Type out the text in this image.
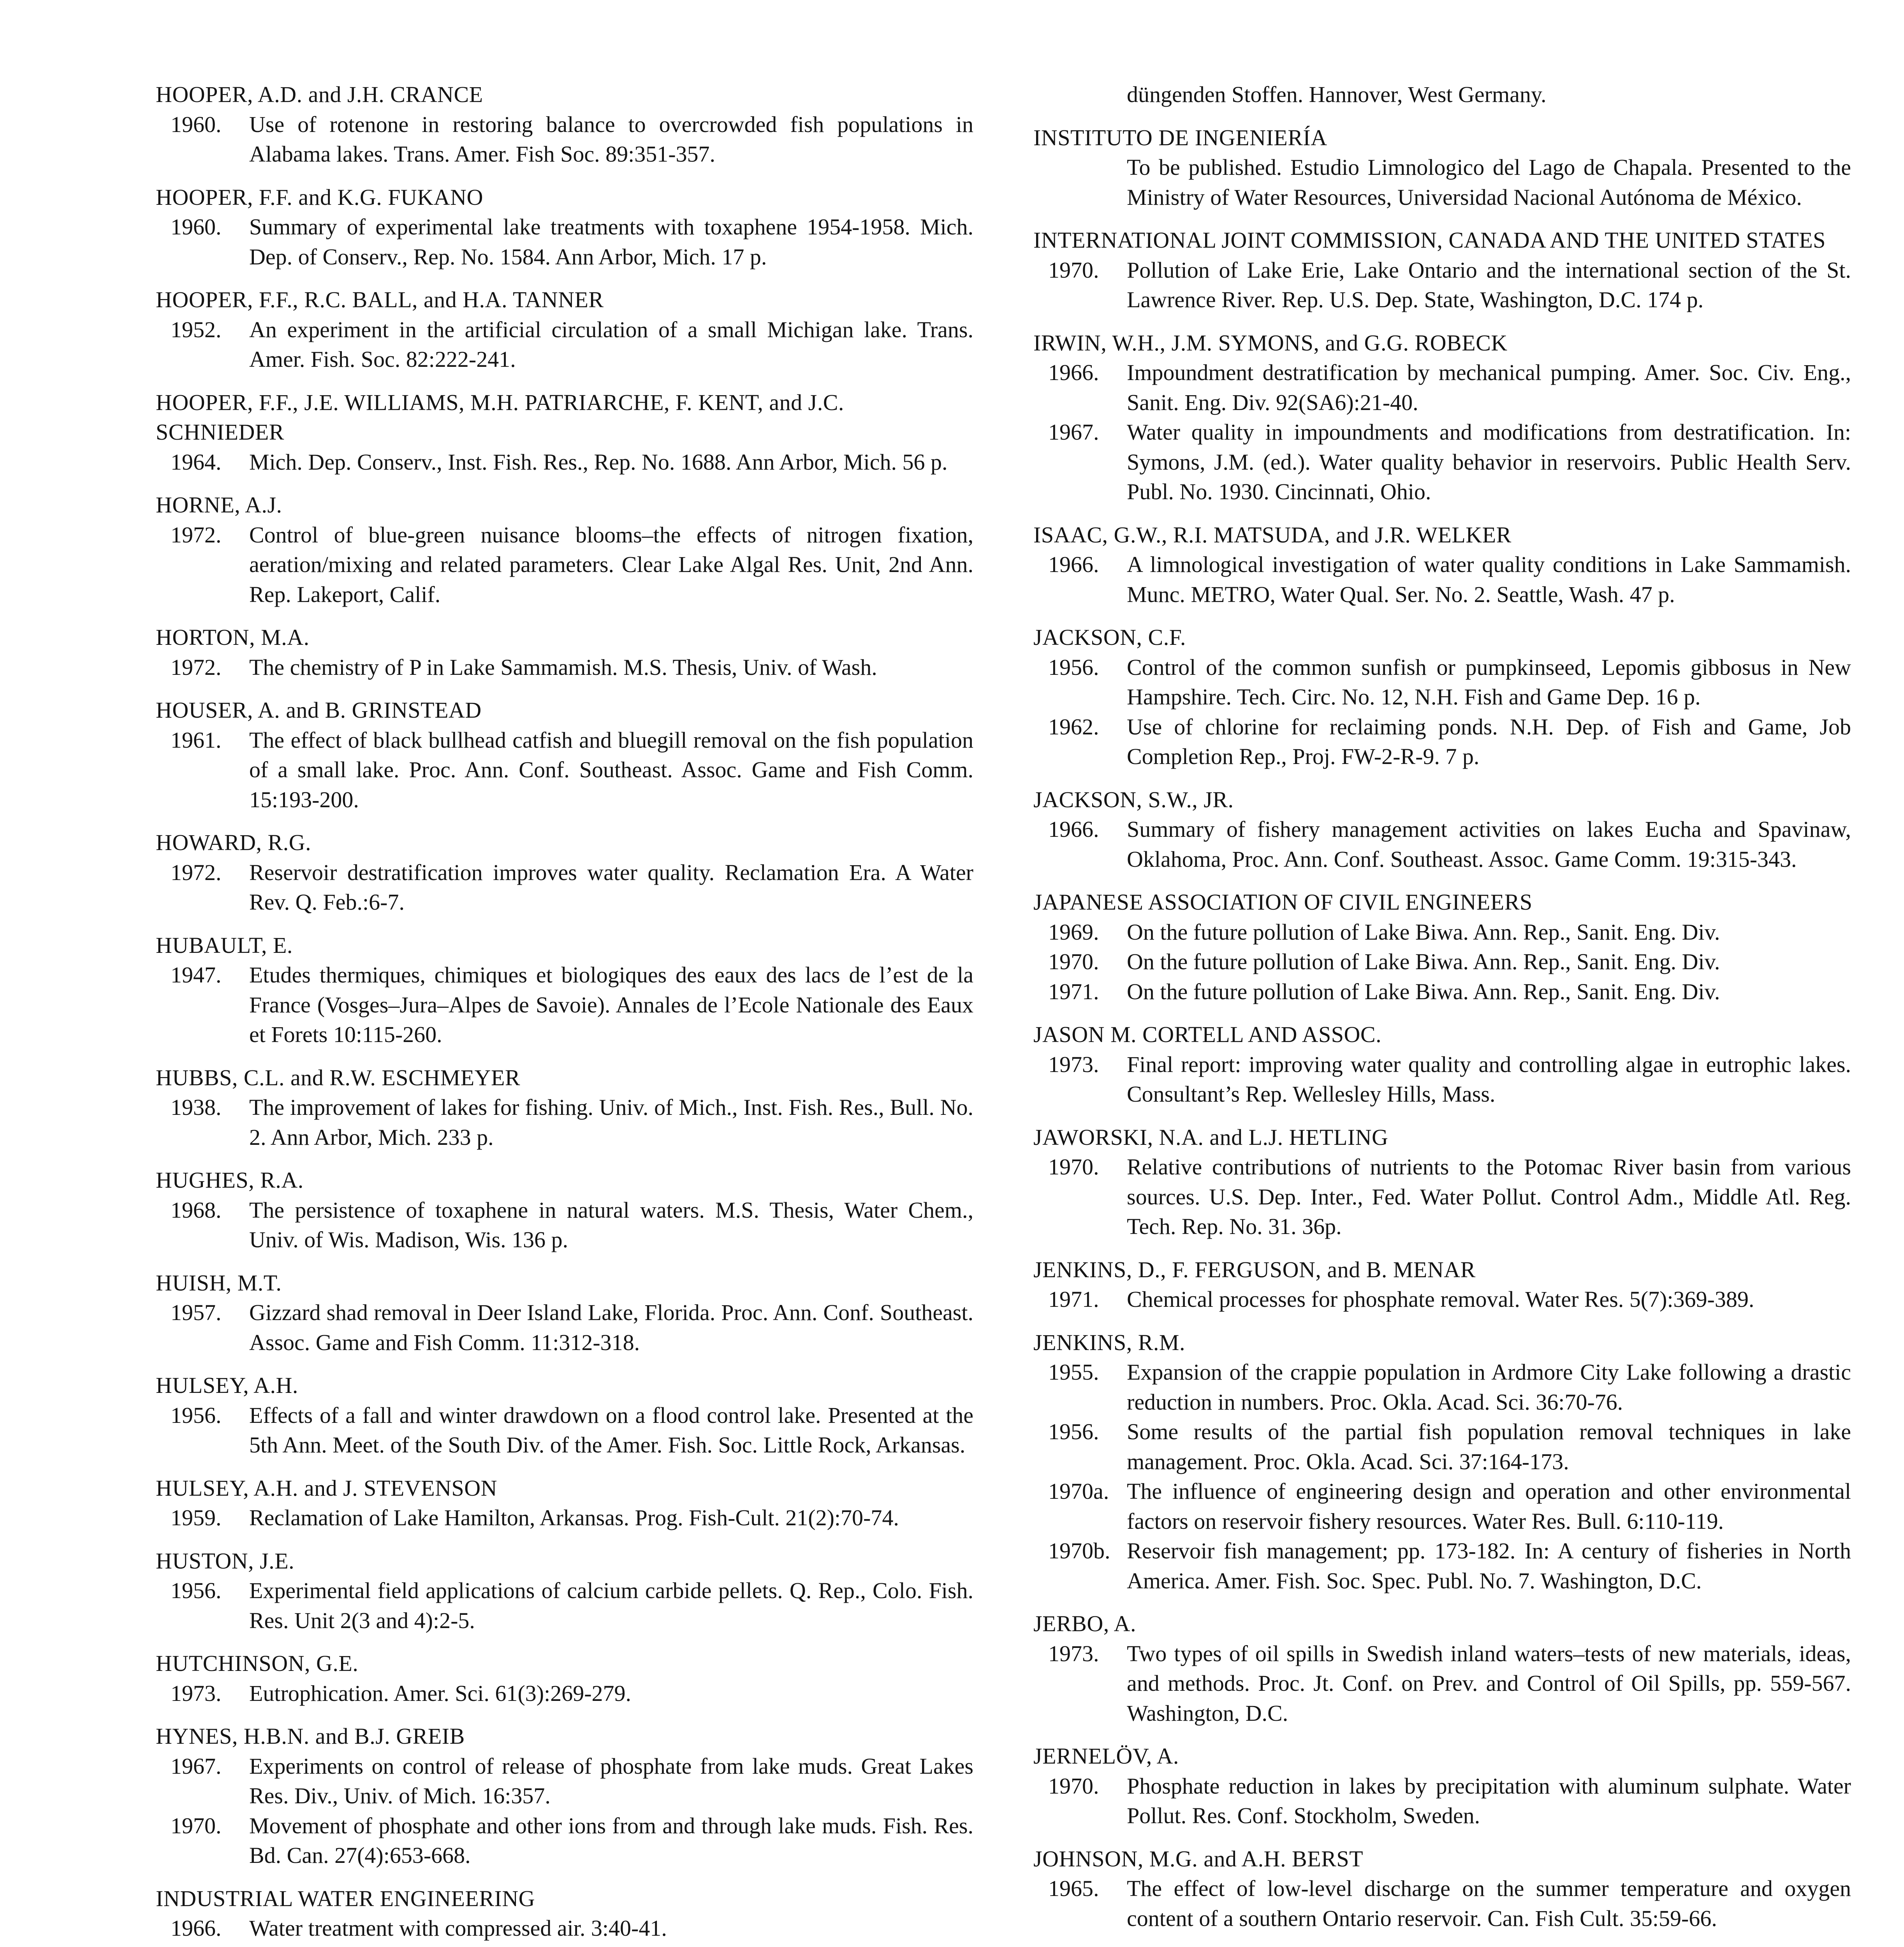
HOOPER, A.D. and J.H. CRANCE
1960. Use of rotenone in restoring balance to overcrowded fish populations in Alabama lakes. Trans. Amer. Fish Soc. 89:351-357.
HOOPER, F.F. and K.G. FUKANO
1960. Summary of experimental lake treatments with toxaphene 1954-1958. Mich. Dep. of Conserv., Rep. No. 1584. Ann Arbor, Mich. 17 p.
HOOPER, F.F., R.C. BALL, and H.A. TANNER
1952. An experiment in the artificial circulation of a small Michigan lake. Trans. Amer. Fish. Soc. 82:222-241.
HOOPER, F.F., J.E. WILLIAMS, M.H. PATRIARCHE, F. KENT, and J.C. SCHNIEDER
1964. Mich. Dep. Conserv., Inst. Fish. Res., Rep. No. 1688. Ann Arbor, Mich. 56 p.
HORNE, A.J.
1972. Control of blue-green nuisance blooms–the effects of nitrogen fixation, aeration/mixing and related parameters. Clear Lake Algal Res. Unit, 2nd Ann. Rep. Lakeport, Calif.
HORTON, M.A.
1972. The chemistry of P in Lake Sammamish. M.S. Thesis, Univ. of Wash.
HOUSER, A. and B. GRINSTEAD
1961. The effect of black bullhead catfish and bluegill removal on the fish population of a small lake. Proc. Ann. Conf. Southeast. Assoc. Game and Fish Comm. 15:193-200.
HOWARD, R.G.
1972. Reservoir destratification improves water quality. Reclamation Era. A Water Rev. Q. Feb.:6-7.
HUBAULT, E.
1947. Etudes thermiques, chimiques et biologiques des eaux des lacs de l’est de la France (Vosges–Jura–Alpes de Savoie). Annales de l’Ecole Nationale des Eaux et Forets 10:115-260.
HUBBS, C.L. and R.W. ESCHMEYER
1938. The improvement of lakes for fishing. Univ. of Mich., Inst. Fish. Res., Bull. No. 2. Ann Arbor, Mich. 233 p.
HUGHES, R.A.
1968. The persistence of toxaphene in natural waters. M.S. Thesis, Water Chem., Univ. of Wis. Madison, Wis. 136 p.
HUISH, M.T.
1957. Gizzard shad removal in Deer Island Lake, Florida. Proc. Ann. Conf. Southeast. Assoc. Game and Fish Comm. 11:312-318.
HULSEY, A.H.
1956. Effects of a fall and winter drawdown on a flood control lake. Presented at the 5th Ann. Meet. of the South Div. of the Amer. Fish. Soc. Little Rock, Arkansas.
HULSEY, A.H. and J. STEVENSON
1959. Reclamation of Lake Hamilton, Arkansas. Prog. Fish-Cult. 21(2):70-74.
HUSTON, J.E.
1956. Experimental field applications of calcium carbide pellets. Q. Rep., Colo. Fish. Res. Unit 2(3 and 4):2-5.
HUTCHINSON, G.E.
1973. Eutrophication. Amer. Sci. 61(3):269-279.
HYNES, H.B.N. and B.J. GREIB
1967. Experiments on control of release of phosphate from lake muds. Great Lakes Res. Div., Univ. of Mich. 16:357.
1970. Movement of phosphate and other ions from and through lake muds. Fish. Res. Bd. Can. 27(4):653-668.
INDUSTRIAL WATER ENGINEERING
1966. Water treatment with compressed air. 3:40-41.
düngenden Stoffen. Hannover, West Germany.
INSTITUTO DE INGENIERÍA
To be published. Estudio Limnologico del Lago de Chapala. Presented to the Ministry of Water Resources, Universidad Nacional Autónoma de México.
INTERNATIONAL JOINT COMMISSION, CANADA AND THE UNITED STATES
1970. Pollution of Lake Erie, Lake Ontario and the international section of the St. Lawrence River. Rep. U.S. Dep. State, Washington, D.C. 174 p.
IRWIN, W.H., J.M. SYMONS, and G.G. ROBECK
1966. Impoundment destratification by mechanical pumping. Amer. Soc. Civ. Eng., Sanit. Eng. Div. 92(SA6):21-40.
1967. Water quality in impoundments and modifications from destratification. In: Symons, J.M. (ed.). Water quality behavior in reservoirs. Public Health Serv. Publ. No. 1930. Cincinnati, Ohio.
ISAAC, G.W., R.I. MATSUDA, and J.R. WELKER
1966. A limnological investigation of water quality conditions in Lake Sammamish. Munc. METRO, Water Qual. Ser. No. 2. Seattle, Wash. 47 p.
JACKSON, C.F.
1956. Control of the common sunfish or pumpkinseed, Lepomis gibbosus in New Hampshire. Tech. Circ. No. 12, N.H. Fish and Game Dep. 16 p.
1962. Use of chlorine for reclaiming ponds. N.H. Dep. of Fish and Game, Job Completion Rep., Proj. FW-2-R-9. 7 p.
JACKSON, S.W., JR.
1966. Summary of fishery management activities on lakes Eucha and Spavinaw, Oklahoma, Proc. Ann. Conf. Southeast. Assoc. Game Comm. 19:315-343.
JAPANESE ASSOCIATION OF CIVIL ENGINEERS
1969. On the future pollution of Lake Biwa. Ann. Rep., Sanit. Eng. Div.
1970. On the future pollution of Lake Biwa. Ann. Rep., Sanit. Eng. Div.
1971. On the future pollution of Lake Biwa. Ann. Rep., Sanit. Eng. Div.
JASON M. CORTELL AND ASSOC.
1973. Final report: improving water quality and controlling algae in eutrophic lakes. Consultant’s Rep. Wellesley Hills, Mass.
JAWORSKI, N.A. and L.J. HETLING
1970. Relative contributions of nutrients to the Potomac River basin from various sources. U.S. Dep. Inter., Fed. Water Pollut. Control Adm., Middle Atl. Reg. Tech. Rep. No. 31. 36p.
JENKINS, D., F. FERGUSON, and B. MENAR
1971. Chemical processes for phosphate removal. Water Res. 5(7):369-389.
JENKINS, R.M.
1955. Expansion of the crappie population in Ardmore City Lake following a drastic reduction in numbers. Proc. Okla. Acad. Sci. 36:70-76.
1956. Some results of the partial fish population removal techniques in lake management. Proc. Okla. Acad. Sci. 37:164-173.
1970a. The influence of engineering design and operation and other environmental factors on reservoir fishery resources. Water Res. Bull. 6:110-119.
1970b. Reservoir fish management; pp. 173-182. In: A century of fisheries in North America. Amer. Fish. Soc. Spec. Publ. No. 7. Washington, D.C.
JERBO, A.
1973. Two types of oil spills in Swedish inland waters–tests of new materials, ideas, and methods. Proc. Jt. Conf. on Prev. and Control of Oil Spills, pp. 559-567. Washington, D.C.
JERNELÖV, A.
1970. Phosphate reduction in lakes by precipitation with aluminum sulphate. Water Pollut. Res. Conf. Stockholm, Sweden.
JOHNSON, M.G. and A.H. BERST
1965. The effect of low-level discharge on the summer temperature and oxygen content of a southern Ontario reservoir. Can. Fish Cult. 35:59-66.
